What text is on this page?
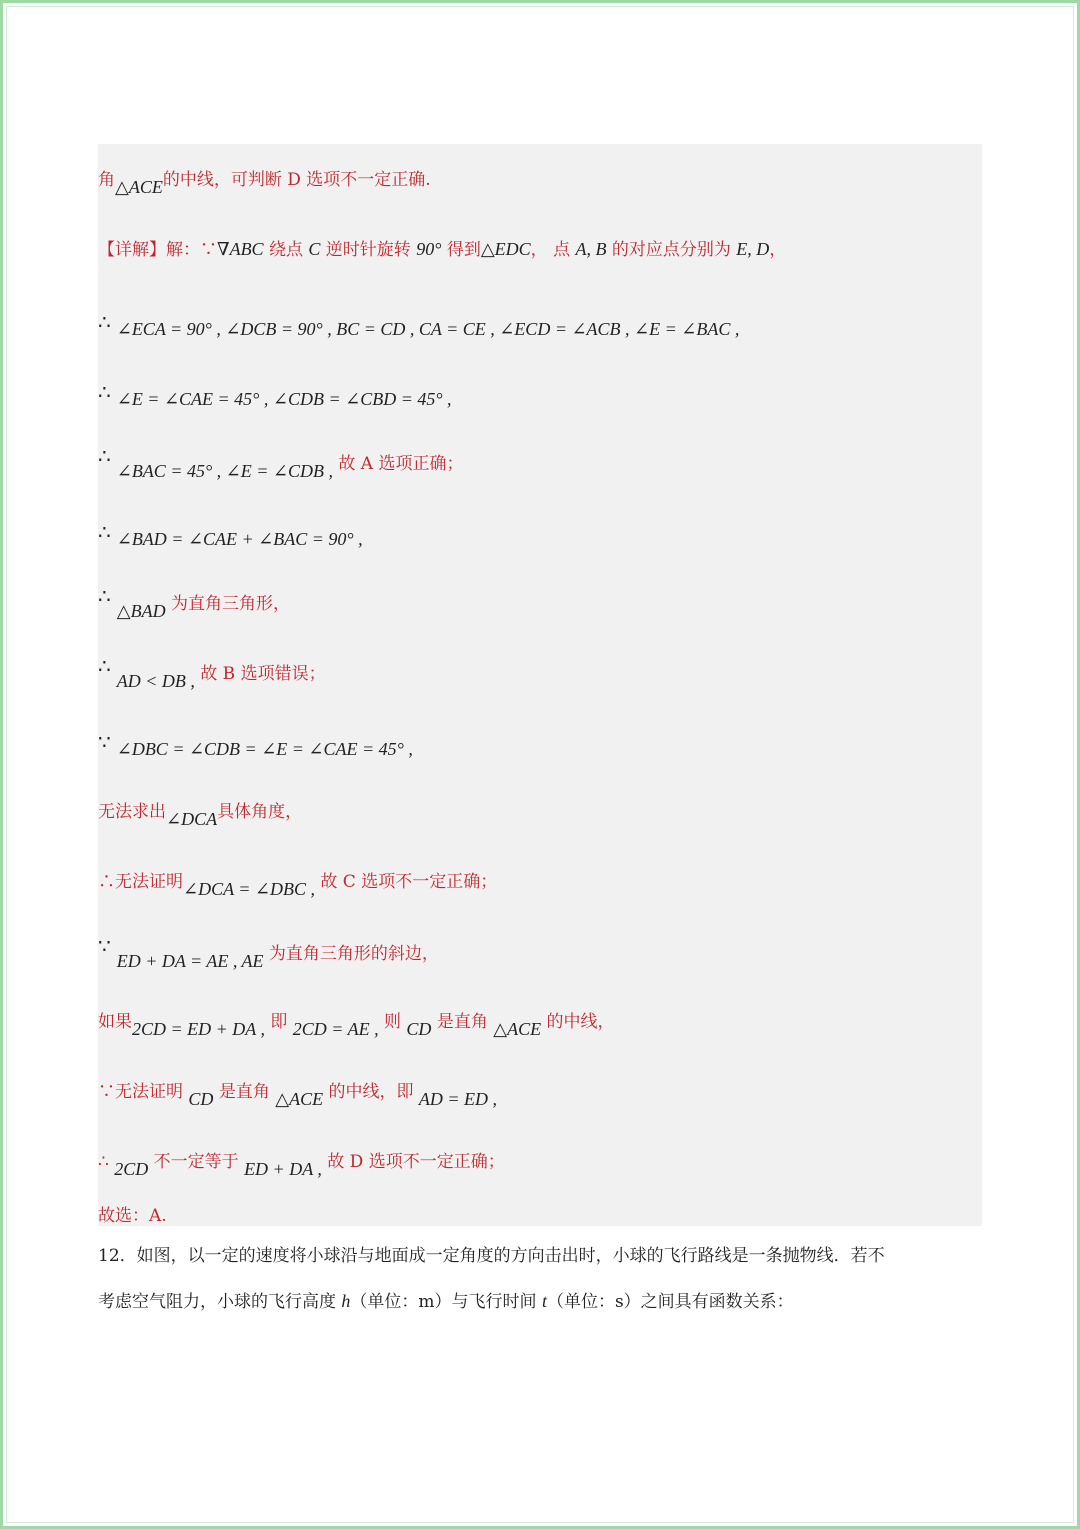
角△ACE的中线，可判断 D 选项不一定正确.
【详解】解：∵∇ABC 绕点 C 逆时针旋转 90° 得到△EDC， 点 A, B 的对应点分别为 E, D，
∴ ∠ECA = 90° , ∠DCB = 90° , BC = CD , CA = CE , ∠ECD = ∠ACB , ∠E = ∠BAC ,
∴ ∠E = ∠CAE = 45° , ∠CDB = ∠CBD = 45° ,
∴∠BAC = 45° , ∠E = ∠CDB , 故 A 选项正确；
∴ ∠BAD = ∠CAE + ∠BAC = 90° ,
∴△BAD 为直角三角形，
∴AD < DB , 故 B 选项错误；
∵ ∠DBC = ∠CDB = ∠E = ∠CAE = 45° ,
无法求出∠DCA具体角度，
∴无法证明∠DCA = ∠DBC , 故 C 选项不一定正确；
∵ED + DA = AE , AE 为直角三角形的斜边，
如果2CD = ED + DA , 即 2CD = AE , 则 CD 是直角 △ACE 的中线，
∵无法证明 CD 是直角 △ACE 的中线，即 AD = ED ,
∴ 2CD 不一定等于 ED + DA , 故 D 选项不一定正确；
故选：A.
12．如图，以一定的速度将小球沿与地面成一定角度的方向击出时，小球的飞行路线是一条抛物线．若不
考虑空气阻力，小球的飞行高度 h（单位：m）与飞行时间 t（单位：s）之间具有函数关系：
